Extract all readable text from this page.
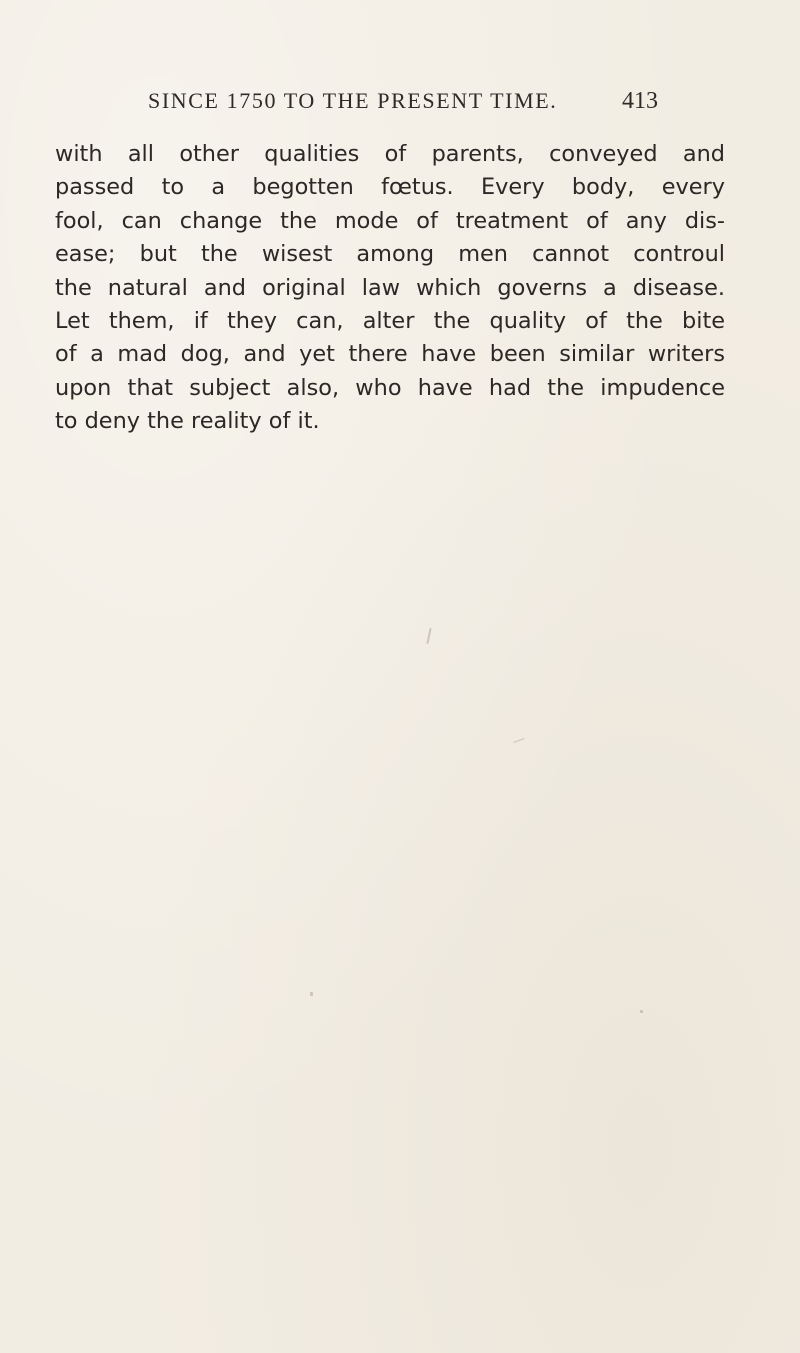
SINCE 1750 TO THE PRESENT TIME.	413
with all other qualities of parents, conveyed and
passed to a begotten fœtus. Every body, every
fool, can change the mode of treatment of any dis-
ease; but the wisest among men cannot controul
the natural and original law which governs a disease.
Let them, if they can, alter the quality of the bite
of a mad dog, and yet there have been similar writers
upon that subject also, who have had the impudence
to deny the reality of it.
